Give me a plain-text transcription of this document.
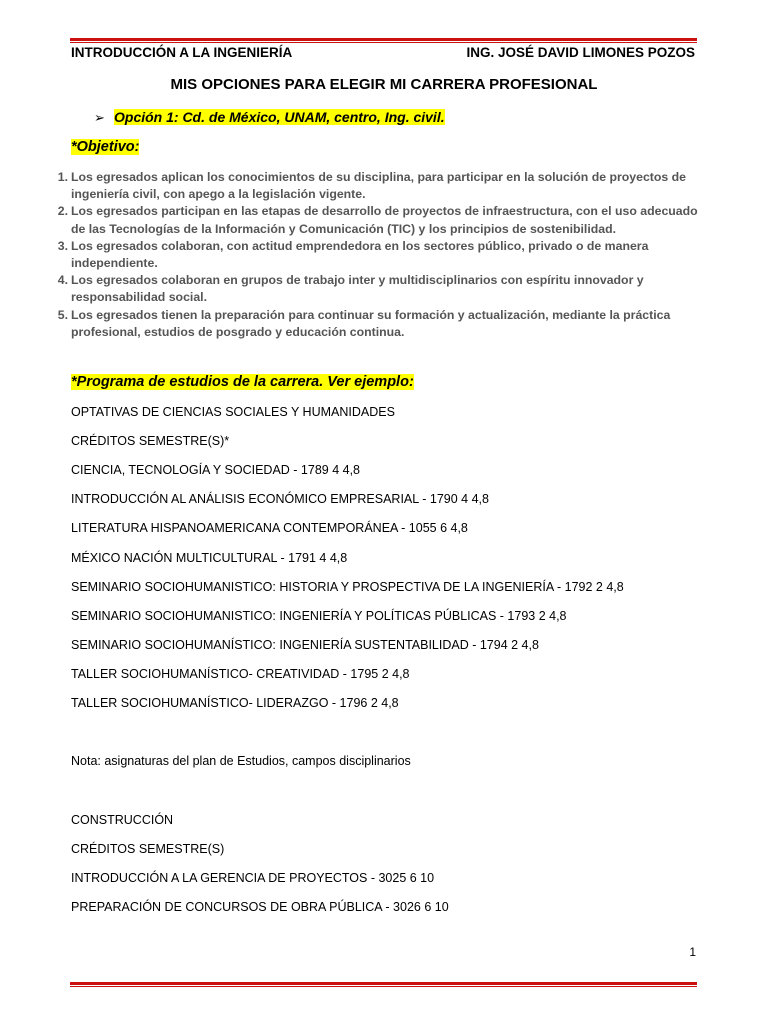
INTRODUCCIÓN A LA INGENIERÍA	ING. JOSÉ DAVID LIMONES POZOS
MIS OPCIONES PARA ELEGIR MI CARRERA PROFESIONAL
➢ Opción 1: Cd. de México, UNAM, centro, Ing. civil.
*Objetivo:
1. Los egresados aplican los conocimientos de su disciplina, para participar en la solución de proyectos de ingeniería civil, con apego a la legislación vigente.
2. Los egresados participan en las etapas de desarrollo de proyectos de infraestructura, con el uso adecuado de las Tecnologías de la Información y Comunicación (TIC) y los principios de sostenibilidad.
3. Los egresados colaboran, con actitud emprendedora en los sectores público, privado o de manera independiente.
4. Los egresados colaboran en grupos de trabajo inter y multidisciplinarios con espíritu innovador y responsabilidad social.
5. Los egresados tienen la preparación para continuar su formación y actualización, mediante la práctica profesional, estudios de posgrado y educación continua.
*Programa de estudios de la carrera. Ver ejemplo:
OPTATIVAS DE CIENCIAS SOCIALES Y HUMANIDADES
CRÉDITOS SEMESTRE(S)*
CIENCIA, TECNOLOGÍA Y SOCIEDAD - 1789 4 4,8
INTRODUCCIÓN AL ANÁLISIS ECONÓMICO EMPRESARIAL - 1790 4 4,8
LITERATURA HISPANOAMERICANA CONTEMPORÁNEA - 1055 6 4,8
MÉXICO NACIÓN MULTICULTURAL - 1791 4 4,8
SEMINARIO SOCIOHUMANISTICO: HISTORIA Y PROSPECTIVA DE LA INGENIERÍA - 1792 2 4,8
SEMINARIO SOCIOHUMANISTICO: INGENIERÍA Y POLÍTICAS PÚBLICAS - 1793 2 4,8
SEMINARIO SOCIOHUMANÍSTICO: INGENIERÍA SUSTENTABILIDAD - 1794 2 4,8
TALLER SOCIOHUMANÍSTICO- CREATIVIDAD - 1795 2 4,8
TALLER SOCIOHUMANÍSTICO- LIDERAZGO - 1796 2 4,8
Nota: asignaturas del plan de Estudios, campos disciplinarios
CONSTRUCCIÓN
CRÉDITOS SEMESTRE(S)
INTRODUCCIÓN A LA GERENCIA DE PROYECTOS - 3025 6 10
PREPARACIÓN DE CONCURSOS DE OBRA PÚBLICA - 3026 6 10
1
